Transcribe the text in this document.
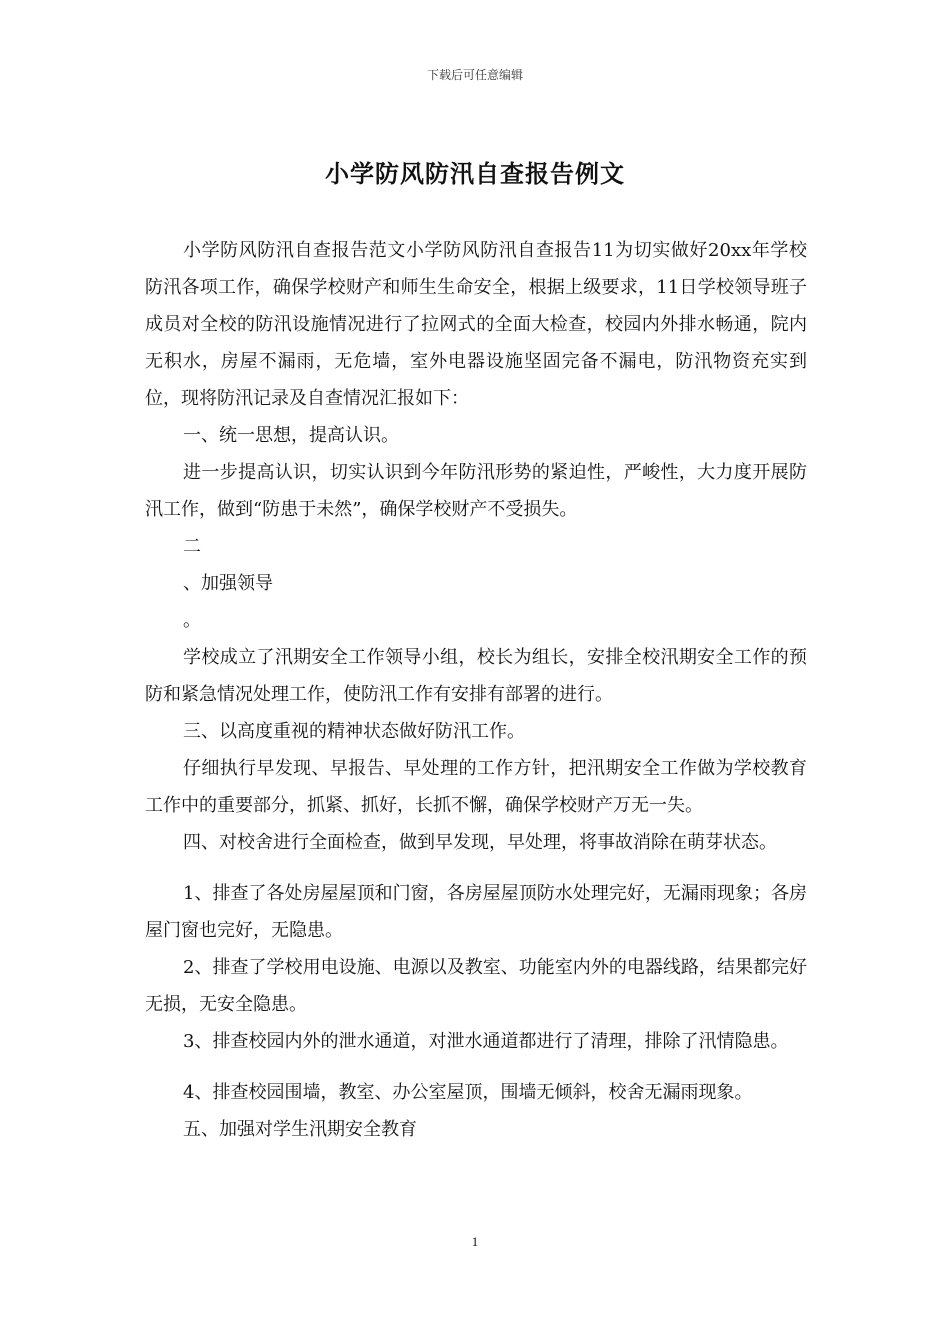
下载后可任意编辑
小学防风防汛自查报告例文

小学防风防汛自查报告范文小学防风防汛自查报告11为切实做好20xx年学校防汛各项工作，确保学校财产和师生生命安全，根据上级要求，11日学校领导班子成员对全校的防汛设施情况进行了拉网式的全面大检查，校园内外排水畅通，院内无积水，房屋不漏雨，无危墙，室外电器设施坚固完备不漏电，防汛物资充实到位，现将防汛记录及自查情况汇报如下：

一、统一思想，提高认识。

进一步提高认识，切实认识到今年防汛形势的紧迫性，严峻性，大力度开展防汛工作，做到“防患于未然”，确保学校财产不受损失。

二

、加强领导

。

学校成立了汛期安全工作领导小组，校长为组长，安排全校汛期安全工作的预防和紧急情况处理工作，使防汛工作有安排有部署的进行。

三、以高度重视的精神状态做好防汛工作。

仔细执行早发现、早报告、早处理的工作方针，把汛期安全工作做为学校教育工作中的重要部分，抓紧、抓好，长抓不懈，确保学校财产万无一失。

四、对校舍进行全面检查，做到早发现，早处理，将事故消除在萌芽状态。

1、排查了各处房屋屋顶和门窗，各房屋屋顶防水处理完好，无漏雨现象；各房屋门窗也完好，无隐患。

2、排查了学校用电设施、电源以及教室、功能室内外的电器线路，结果都完好无损，无安全隐患。

3、排查校园内外的泄水通道，对泄水通道都进行了清理，排除了汛情隐患。

4、排查校园围墙，教室、办公室屋顶，围墙无倾斜，校舍无漏雨现象。

五、加强对学生汛期安全教育

1
